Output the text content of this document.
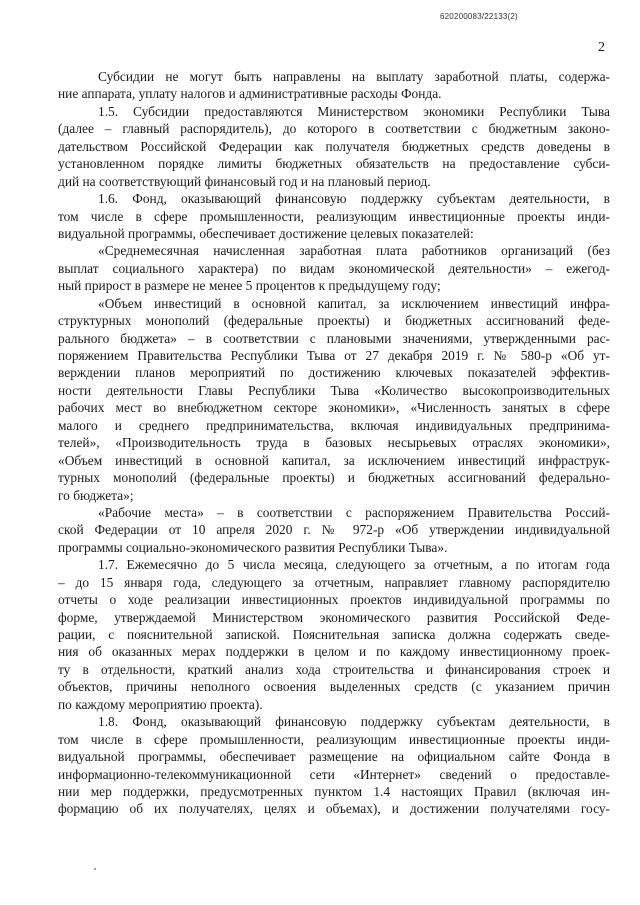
620200083/22133(2)
2

Субсидии не могут быть направлены на выплату заработной платы, содержа-
ние аппарата, уплату налогов и административные расходы Фонда.

1.5. Субсидии предоставляются Министерством экономики Республики Тыва
(далее – главный распорядитель), до которого в соответствии с бюджетным законо-
дательством Российской Федерации как получателя бюджетных средств доведены в
установленном порядке лимиты бюджетных обязательств на предоставление субси-
дий на соответствующий финансовый год и на плановый период.

1.6. Фонд, оказывающий финансовую поддержку субъектам деятельности, в
том числе в сфере промышленности, реализующим инвестиционные проекты инди-
видуальной программы, обеспечивает достижение целевых показателей:

«Среднемесячная начисленная заработная плата работников организаций (без
выплат социального характера) по видам экономической деятельности» – ежегод-
ный прирост в размере не менее 5 процентов к предыдущему году;

«Объем инвестиций в основной капитал, за исключением инвестиций инфра-
структурных монополий (федеральные проекты) и бюджетных ассигнований феде-
рального бюджета» – в соответствии с плановыми значениями, утвержденными рас-
поряжением Правительства Республики Тыва от 27 декабря 2019 г. № 580-р «Об ут-
верждении планов мероприятий по достижению ключевых показателей эффектив-
ности деятельности Главы Республики Тыва «Количество высокопроизводительных
рабочих мест во внебюджетном секторе экономики», «Численность занятых в сфере
малого и среднего предпринимательства, включая индивидуальных предпринима-
телей», «Производительность труда в базовых несырьевых отраслях экономики»,
«Объем инвестиций в основной капитал, за исключением инвестиций инфраструк-
турных монополий (федеральные проекты) и бюджетных ассигнований федерально-
го бюджета»;

«Рабочие места» – в соответствии с распоряжением Правительства Россий-
ской Федерации от 10 апреля 2020 г. № 972-р «Об утверждении индивидуальной
программы социально-экономического развития Республики Тыва».

1.7. Ежемесячно до 5 числа месяца, следующего за отчетным, а по итогам года
– до 15 января года, следующего за отчетным, направляет главному распорядителю
отчеты о ходе реализации инвестиционных проектов индивидуальной программы по
форме, утверждаемой Министерством экономического развития Российской Феде-
рации, с пояснительной запиской. Пояснительная записка должна содержать сведе-
ния об оказанных мерах поддержки в целом и по каждому инвестиционному проек-
ту в отдельности, краткий анализ хода строительства и финансирования строек и
объектов, причины неполного освоения выделенных средств (с указанием причин
по каждому мероприятию проекта).

1.8. Фонд, оказывающий финансовую поддержку субъектам деятельности, в
том числе в сфере промышленности, реализующим инвестиционные проекты инди-
видуальной программы, обеспечивает размещение на официальном сайте Фонда в
информационно-телекоммуникационной сети «Интернет» сведений о предоставле-
нии мер поддержки, предусмотренных пунктом 1.4 настоящих Правил (включая ин-
формацию об их получателях, целях и объемах), и достижении получателями госу-
